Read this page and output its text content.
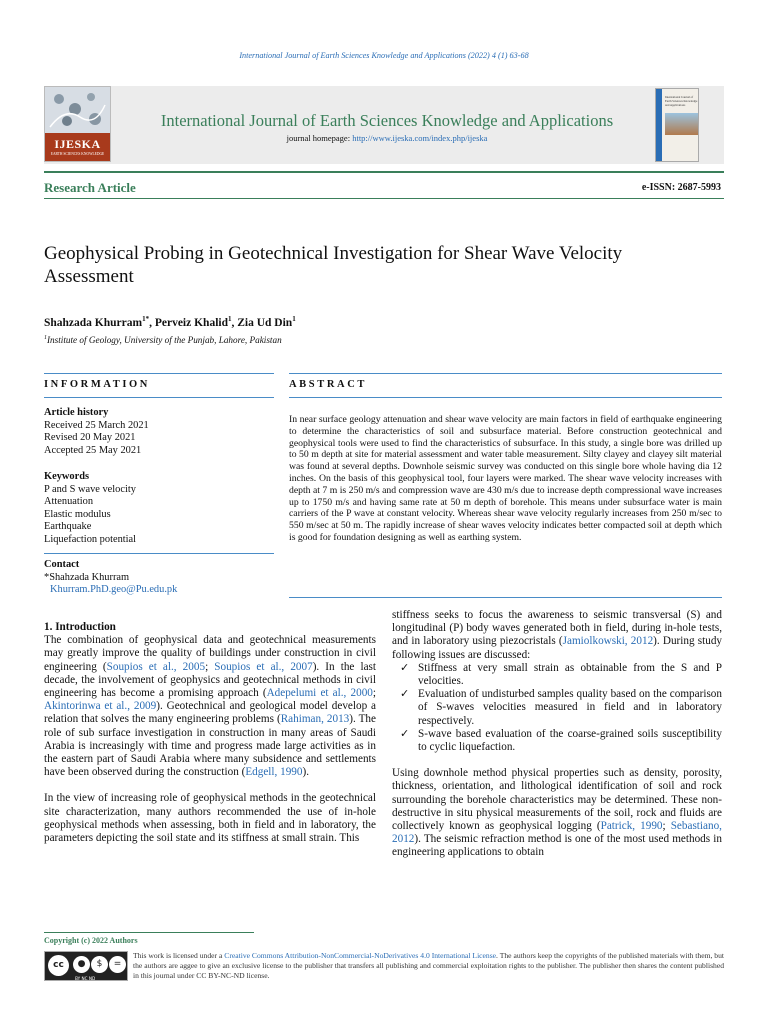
International Journal of Earth Sciences Knowledge and Applications (2022) 4 (1) 63-68
IJESKA
EARTH SCIENCES KNOWLEDGE
International Journal of Earth Sciences Knowledge and Applications
journal homepage: http://www.ijeska.com/index.php/ijeska
International Journal of Earth Sciences Knowledge and Applications
Research Article	e-ISSN: 2687-5993
Geophysical Probing in Geotechnical Investigation for Shear Wave Velocity
Assessment
Shahzada Khurram$^{1*}$, Perveiz Khalid$^1$, Zia Ud Din$^1$
$^1$Institute of Geology, University of the Punjab, Lahore, Pakistan
INFORMATION	ABSTRACT
Article history
Received 25 March 2021
Revised 20 May 2021
Accepted 25 May 2021
Keywords
P and S wave velocity
Attenuation
Elastic modulus
Earthquake
Liquefaction potential
Contact
*Shahzada Khurram
Khurram.PhD.geo@Pu.edu.pk
In near surface geology attenuation and shear wave velocity are main factors in field of earthquake engineering to determine the characteristics of soil and subsurface material. Before construction geotechnical and geophysical tools were used to find the characteristics of subsurface. In this study, a single bore was drilled up to 50 m depth at site for material assessment and water table measurement. Silty clayey and clayey silt material was found at several depths. Downhole seismic survey was conducted on this single bore whole having dia 12 inches. On the basis of this geophysical tool, four layers were marked. The shear wave velocity increases with depth at 7 m is 250 m/s and compression wave are 430 m/s due to increase depth compressional wave increases up to 1750 m/s and having same rate at 50 m depth of borehole. This means under subsurface water is main carriers of the P wave at constant velocity. Whereas shear wave velocity regularly increases from 250 m/sec to 550 m/sec at 50 m. The rapidly increase of shear waves velocity indicates better compacted soil at depth which is good for foundation designing as well as earthing system.

1. Introduction

The combination of geophysical data and geotechnical measurements may greatly improve the quality of buildings under construction in civil engineering (Soupios et al., 2005; Soupios et al., 2007). In the last decade, the involvement of geophysics and geotechnical methods in civil engineering has become a promising approach (Adepelumi et al., 2000; Akintorinwa et al., 2009). Geotechnical and geological model develop a relation that solves the many engineering problems (Rahiman, 2013). The role of sub surface investigation in construction in many areas of Saudi Arabia is increasingly with time and progress made large activities as in the eastern part of Saudi Arabia where many subsidence and settlements have been observed during the construction (Edgell, 1990).

In the view of increasing role of geophysical methods in the geotechnical site characterization, many authors recommended the use of in-hole geophysical methods when assessing, both in field and in laboratory, the parameters depicting the soil state and its stiffness at small strain. This

stiffness seeks to focus the awareness to seismic transversal (S) and longitudinal (P) body waves generated both in field, during in-hole tests, and in laboratory using piezocristals (Jamiolkowski, 2012). During study following issues are discussed:

✓ Stiffness at very small strain as obtainable from the S and P velocities.
✓ Evaluation of undisturbed samples quality based on the comparison of S-waves velocities measured in field and in laboratory respectively.
✓ S-wave based evaluation of the coarse-grained soils susceptibility to cyclic liquefaction.

Using downhole method physical properties such as density, porosity, thickness, orientation, and lithological identification of soil and rock surrounding the borehole characteristics may be determined. These non-destructive in situ physical measurements of the soil, rock and fluids are collectively known as geophysical logging (Patrick, 1990; Sebastiano, 2012). The seismic refraction method is one of the most used methods in engineering applications to obtain

Copyright (c) 2022 Authors
cc	●	$	=
BY NC ND
This work is licensed under a Creative Commons Attribution-NonCommercial-NoDerivatives 4.0 International License. The authors keep the copyrights of the published materials with them, but the authors are aggee to give an exclusive license to the publisher that transfers all publishing and commercial exploitation rights to the publisher. The publisher then shares the content published in this journal under CC BY-NC-ND license.
